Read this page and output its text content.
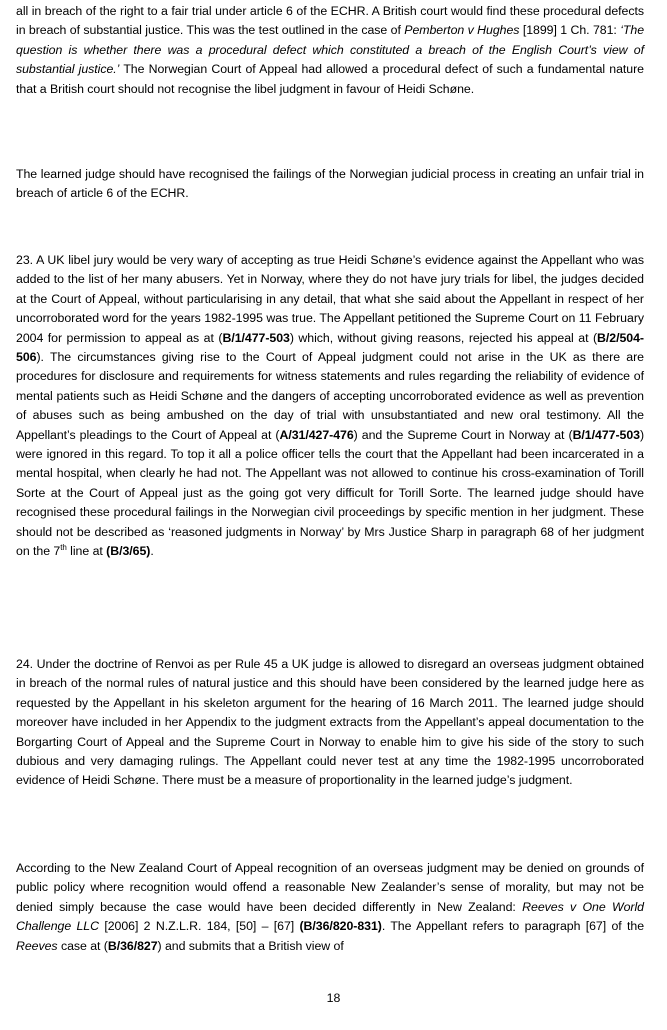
all in breach of the right to a fair trial under article 6 of the ECHR. A British court would find these procedural defects in breach of substantial justice. This was the test outlined in the case of Pemberton v Hughes [1899] 1 Ch. 781: ‘The question is whether there was a procedural defect which constituted a breach of the English Court’s view of substantial justice.’ The Norwegian Court of Appeal had allowed a procedural defect of such a fundamental nature that a British court should not recognise the libel judgment in favour of Heidi Schøne.

The learned judge should have recognised the failings of the Norwegian judicial process in creating an unfair trial in breach of article 6 of the ECHR.

23. A UK libel jury would be very wary of accepting as true Heidi Schøne’s evidence against the Appellant who was added to the list of her many abusers. Yet in Norway, where they do not have jury trials for libel, the judges decided at the Court of Appeal, without particularising in any detail, that what she said about the Appellant in respect of her uncorroborated word for the years 1982-1995 was true. The Appellant petitioned the Supreme Court on 11 February 2004 for permission to appeal as at (B/1/477-503) which, without giving reasons, rejected his appeal at (B/2/504-506). The circumstances giving rise to the Court of Appeal judgment could not arise in the UK as there are procedures for disclosure and requirements for witness statements and rules regarding the reliability of evidence of mental patients such as Heidi Schøne and the dangers of accepting uncorroborated evidence as well as prevention of abuses such as being ambushed on the day of trial with unsubstantiated and new oral testimony. All the Appellant’s pleadings to the Court of Appeal at (A/31/427-476) and the Supreme Court in Norway at (B/1/477-503) were ignored in this regard. To top it all a police officer tells the court that the Appellant had been incarcerated in a mental hospital, when clearly he had not. The Appellant was not allowed to continue his cross-examination of Torill Sorte at the Court of Appeal just as the going got very difficult for Torill Sorte. The learned judge should have recognised these procedural failings in the Norwegian civil proceedings by specific mention in her judgment. These should not be described as ‘reasoned judgments in Norway’ by Mrs Justice Sharp in paragraph 68 of her judgment on the 7th line at (B/3/65).

24. Under the doctrine of Renvoi as per Rule 45 a UK judge is allowed to disregard an overseas judgment obtained in breach of the normal rules of natural justice and this should have been considered by the learned judge here as requested by the Appellant in his skeleton argument for the hearing of 16 March 2011. The learned judge should moreover have included in her Appendix to the judgment extracts from the Appellant’s appeal documentation to the Borgarting Court of Appeal and the Supreme Court in Norway to enable him to give his side of the story to such dubious and very damaging rulings. The Appellant could never test at any time the 1982-1995 uncorroborated evidence of Heidi Schøne. There must be a measure of proportionality in the learned judge’s judgment.

According to the New Zealand Court of Appeal recognition of an overseas judgment may be denied on grounds of public policy where recognition would offend a reasonable New Zealander’s sense of morality, but may not be denied simply because the case would have been decided differently in New Zealand: Reeves v One World Challenge LLC [2006] 2 N.Z.L.R. 184, [50] – [67] (B/36/820-831). The Appellant refers to paragraph [67] of the Reeves case at (B/36/827) and submits that a British view of

18
